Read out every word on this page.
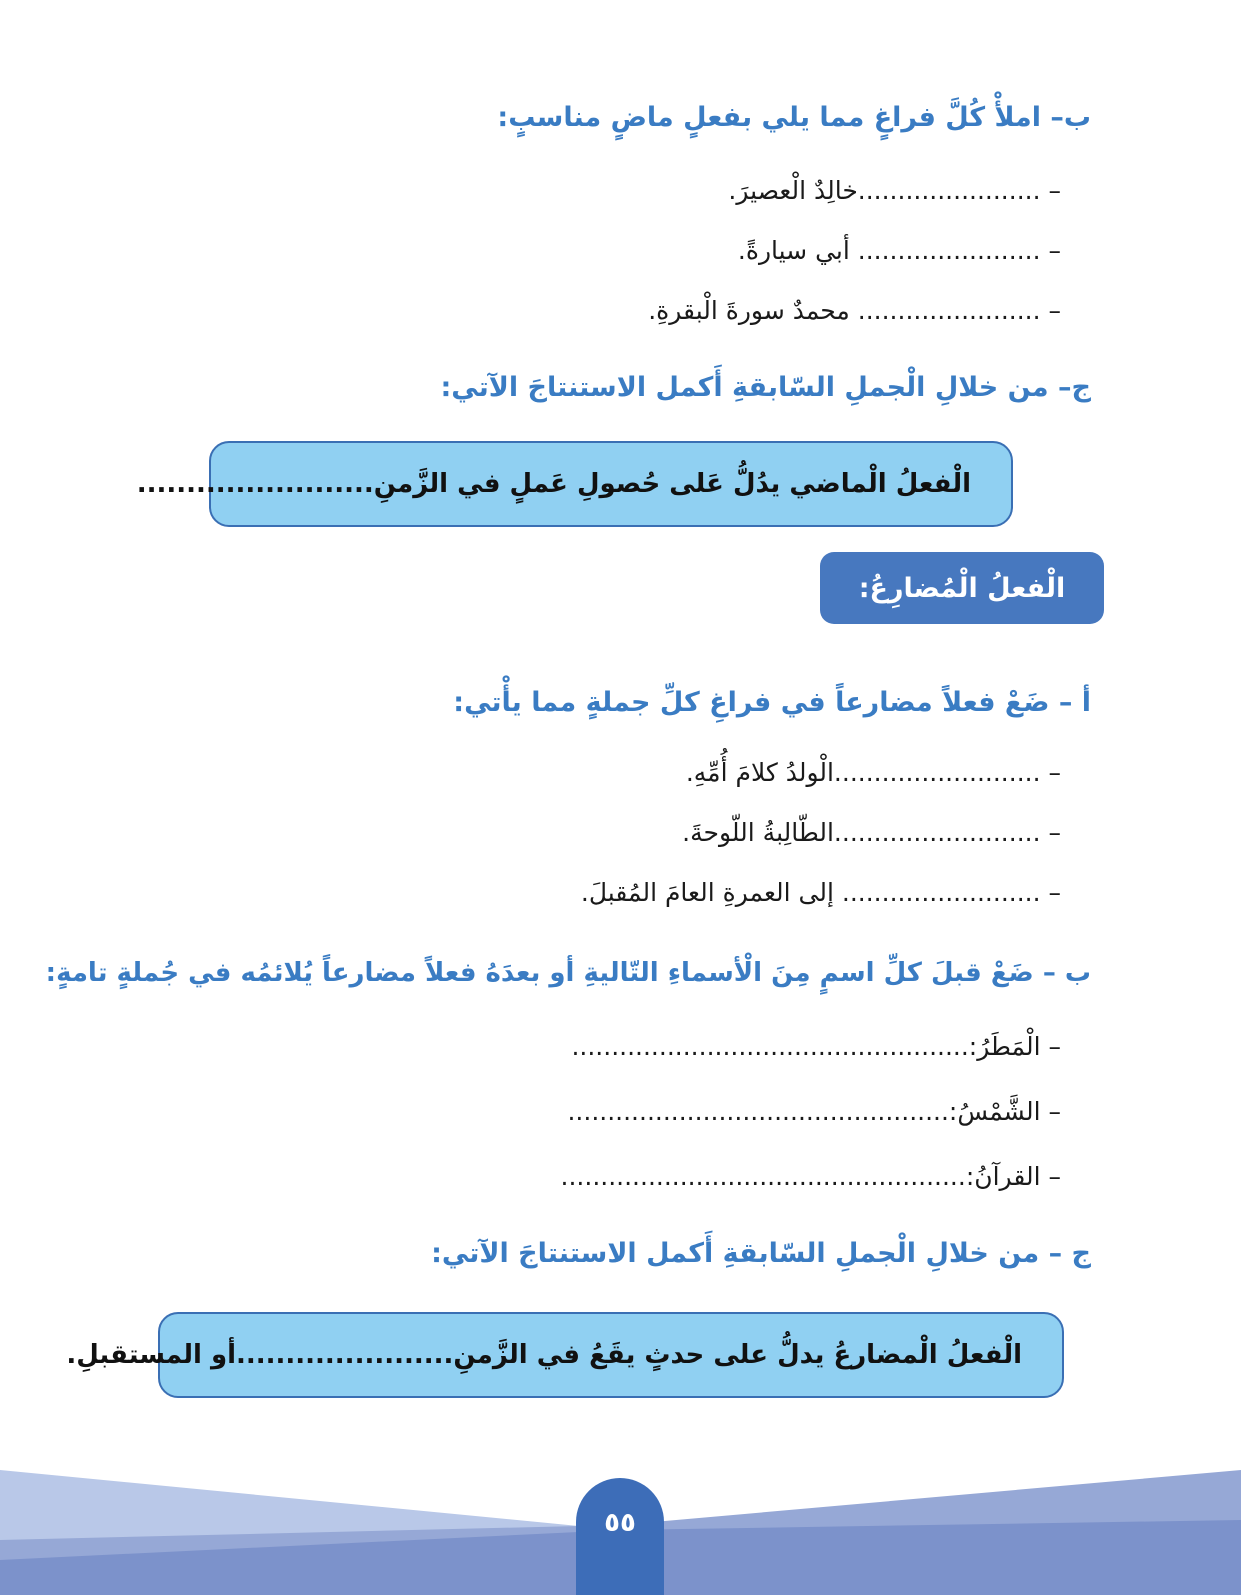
ب– املأْ كُلَّ فراغٍ مما يلي بفعلٍ ماضٍ مناسبٍ:
– .......................خالِدٌ الْعصيرَ.
– ....................... أبي سيارةً.
– ....................... محمدٌ سورةَ الْبقرةِ.
ج– من خلالِ الْجملِ السّابقةِ أَكمل الاستنتاجَ الآتي:
الْفعلُ الْماضي يدُلُّ عَلى حُصولِ عَملٍ في الزَّمنِ........................
الْفعلُ الْمُضارِعُ:
أ – ضَعْ فعلاً مضارعاً في فراغِ كلِّ جملةٍ مما يأْتي:
– ..........................الْولدُ كلامَ أُمِّهِ.
– ..........................الطّالِبةُ اللّوحةَ.
– ......................... إلى العمرةِ العامَ المُقبلَ.
ب – ضَعْ قبلَ كلِّ اسمٍ مِنَ الْأسماءِ التّاليةِ أو بعدَهُ فعلاً مضارعاً يُلائمُه في جُملةٍ تامةٍ:
– الْمَطَرُ:..................................................
– الشَّمْسُ:................................................
– القرآنُ:...................................................
ج – من خلالِ الْجملِ السّابقةِ أَكمل الاستنتاجَ الآتي:
الْفعلُ الْمضارعُ يدلُّ على حدثٍ يقَعُ في الزَّمنِ......................أو المستقبلِ.
٥٥
